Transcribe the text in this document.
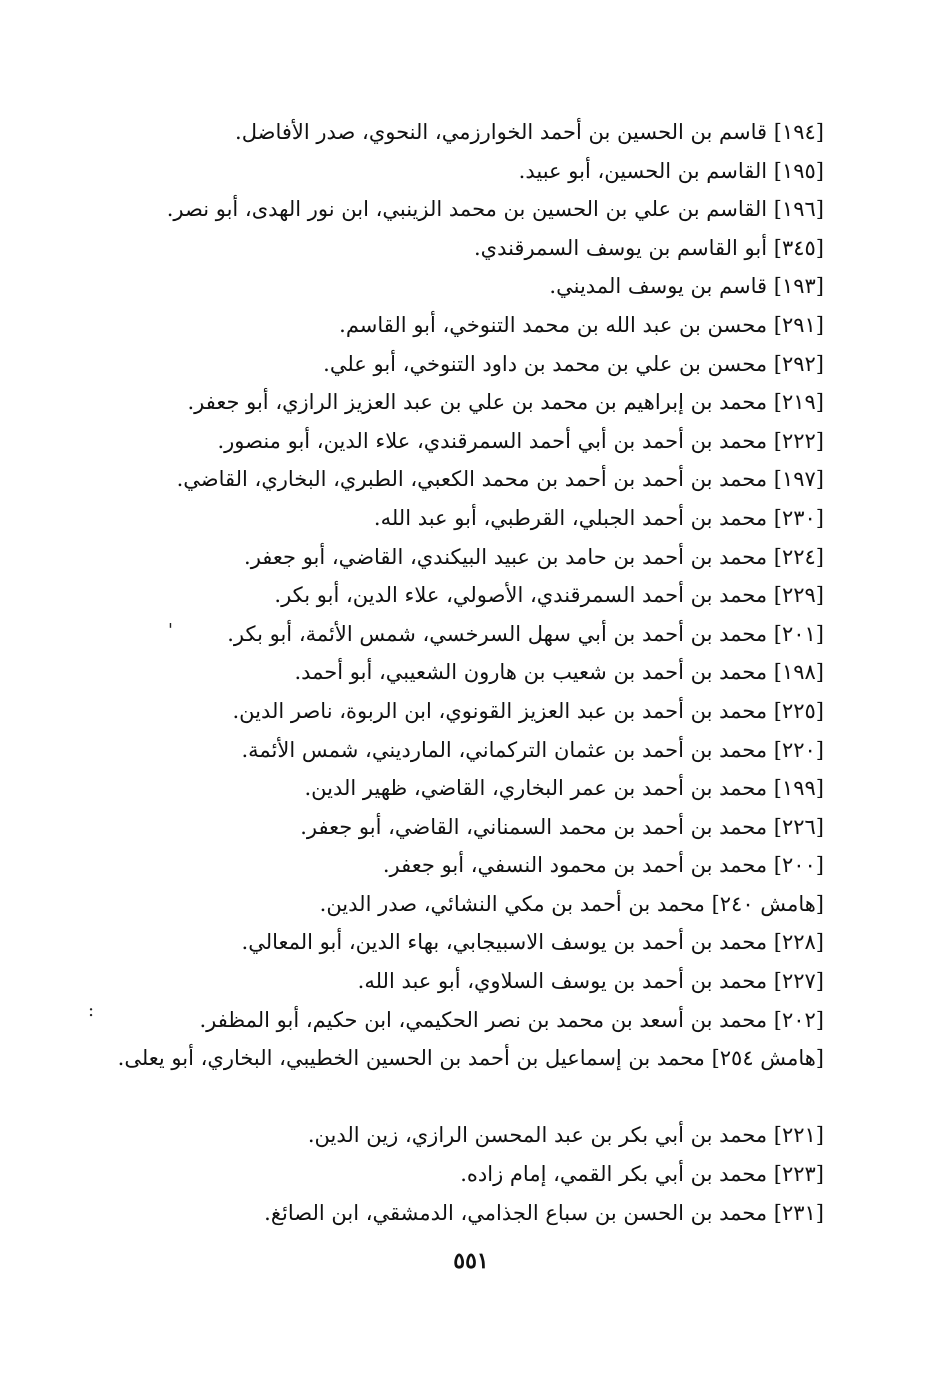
[١٩٤] قاسم بن الحسين بن أحمد الخوارزمي، النحوي، صدر الأفاضل.
[١٩٥] القاسم بن الحسين، أبو عبيد.
[١٩٦] القاسم بن علي بن الحسين بن محمد الزينبي، ابن نور الهدى، أبو نصر.
[٣٤٥] أبو القاسم بن يوسف السمرقندي.
[١٩٣] قاسم بن يوسف المديني.
[٢٩١] محسن بن عبد الله بن محمد التنوخي، أبو القاسم.
[٢٩٢] محسن بن علي بن محمد بن داود التنوخي، أبو علي.
[٢١٩] محمد بن إبراهيم بن محمد بن علي بن عبد العزيز الرازي، أبو جعفر.
[٢٢٢] محمد بن أحمد بن أبي أحمد السمرقندي، علاء الدين، أبو منصور.
[١٩٧] محمد بن أحمد بن أحمد بن محمد الكعبي، الطبري، البخاري، القاضي.
[٢٣٠] محمد بن أحمد الجبلي، القرطبي، أبو عبد الله.
[٢٢٤] محمد بن أحمد بن حامد بن عبيد البيكندي، القاضي، أبو جعفر.
[٢٢٩] محمد بن أحمد السمرقندي، الأصولي، علاء الدين، أبو بكر.
[٢٠١] محمد بن أحمد بن أبي سهل السرخسي، شمس الأئمة، أبو بكر.
[١٩٨] محمد بن أحمد بن شعيب بن هارون الشعيبي، أبو أحمد.
[٢٢٥] محمد بن أحمد بن عبد العزيز القونوي، ابن الربوة، ناصر الدين.
[٢٢٠] محمد بن أحمد بن عثمان التركماني، المارديني، شمس الأئمة.
[١٩٩] محمد بن أحمد بن عمر البخاري، القاضي، ظهير الدين.
[٢٢٦] محمد بن أحمد بن محمد السمناني، القاضي، أبو جعفر.
[٢٠٠] محمد بن أحمد بن محمود النسفي، أبو جعفر.
[هامش ٢٤٠] محمد بن أحمد بن مكي النشائي، صدر الدين.
[٢٢٨] محمد بن أحمد بن يوسف الاسبيجابي، بهاء الدين، أبو المعالي.
[٢٢٧] محمد بن أحمد بن يوسف السلاوي، أبو عبد الله.
[٢٠٢] محمد بن أسعد بن محمد بن نصر الحكيمي، ابن حكيم، أبو المظفر.
[هامش ٢٥٤] محمد بن إسماعيل بن أحمد بن الحسين الخطيبي، البخاري، أبو يعلى.
[٢٢١] محمد بن أبي بكر بن عبد المحسن الرازي، زين الدين.
[٢٢٣] محمد بن أبي بكر القمي، إمام زاده.
[٢٣١] محمد بن الحسن بن سباع الجذامي، الدمشقي، ابن الصائغ.
'
:
٥٥١
